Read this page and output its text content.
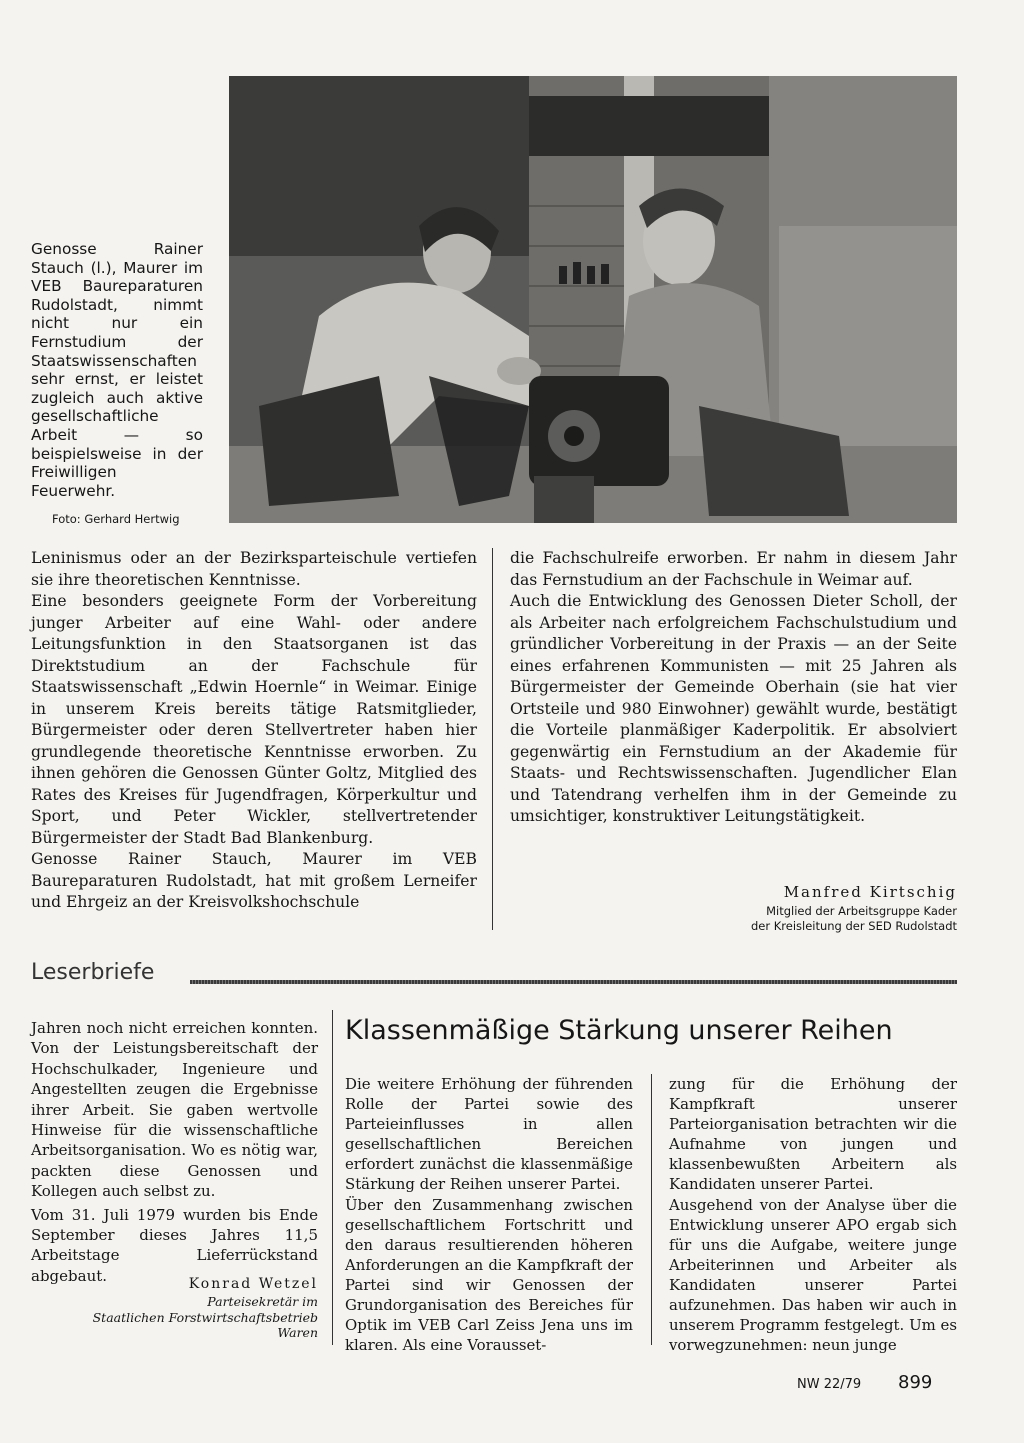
Genosse Rainer Stauch (l.), Maurer im VEB Baureparaturen Rudolstadt, nimmt nicht nur ein Fernstudium der Staatswissenschaften sehr ernst, er leistet zugleich auch aktive gesellschaftliche Arbeit — so beispielsweise in der Freiwilligen Feuerwehr.
Foto: Gerhard Hertwig

Leninismus oder an der Bezirksparteischule vertiefen sie ihre theoretischen Kenntnisse.

Eine besonders geeignete Form der Vorbereitung junger Arbeiter auf eine Wahl- oder andere Leitungsfunktion in den Staatsorganen ist das Direktstudium an der Fachschule für Staatswissenschaft „Edwin Hoernle“ in Weimar. Einige in unserem Kreis bereits tätige Ratsmitglieder, Bürgermeister oder deren Stellvertreter haben hier grundlegende theoretische Kenntnisse erworben. Zu ihnen gehören die Genossen Günter Goltz, Mitglied des Rates des Kreises für Jugendfragen, Körperkultur und Sport, und Peter Wickler, stellvertretender Bürgermeister der Stadt Bad Blankenburg.

Genosse Rainer Stauch, Maurer im VEB Baureparaturen Rudolstadt, hat mit großem Lerneifer und Ehrgeiz an der Kreisvolkshochschule

die Fachschulreife erworben. Er nahm in diesem Jahr das Fernstudium an der Fachschule in Weimar auf.

Auch die Entwicklung des Genossen Dieter Scholl, der als Arbeiter nach erfolgreichem Fachschulstudium und gründlicher Vorbereitung in der Praxis — an der Seite eines erfahrenen Kommunisten — mit 25 Jahren als Bürgermeister der Gemeinde Oberhain (sie hat vier Ortsteile und 980 Einwohner) gewählt wurde, bestätigt die Vorteile planmäßiger Kaderpolitik. Er absolviert gegenwärtig ein Fernstudium an der Akademie für Staats- und Rechtswissenschaften. Jugendlicher Elan und Tatendrang verhelfen ihm in der Gemeinde zu umsichtiger, konstruktiver Leitungstätigkeit.

Manfred Kirtschig
Mitglied der Arbeitsgruppe Kader
der Kreisleitung der SED Rudolstadt
Leserbriefe

Jahren noch nicht erreichen konnten. Von der Leistungsbereitschaft der Hochschulkader, Ingenieure und Angestellten zeugen die Ergebnisse ihrer Arbeit. Sie gaben wertvolle Hinweise für die wissenschaftliche Arbeitsorganisation. Wo es nötig war, packten diese Genossen und Kollegen auch selbst zu.

Vom 31. Juli 1979 wurden bis Ende September dieses Jahres 11,5 Arbeitstage Lieferrückstand abgebaut.	Konrad Wetzel
Parteisekretär im
Staatlichen Forstwirtschaftsbetrieb
Waren
Klassenmäßige Stärkung unserer Reihen

Die weitere Erhöhung der führenden Rolle der Partei sowie des Parteieinflusses in allen gesellschaftlichen Bereichen erfordert zunächst die klassenmäßige Stärkung der Reihen unserer Partei.

Über den Zusammenhang zwischen gesellschaftlichem Fortschritt und den daraus resultierenden höheren Anforderungen an die Kampfkraft der Partei sind wir Genossen der Grundorganisation des Bereiches für Optik im VEB Carl Zeiss Jena uns im klaren. Als eine Vorausset-

zung für die Erhöhung der Kampfkraft unserer Parteiorganisation betrachten wir die Aufnahme von jungen und klassenbewußten Arbeitern als Kandidaten unserer Partei.

Ausgehend von der Analyse über die Entwicklung unserer APO ergab sich für uns die Aufgabe, weitere junge Arbeiterinnen und Arbeiter als Kandidaten unserer Partei aufzunehmen. Das haben wir auch in unserem Programm festgelegt. Um es vorwegzunehmen: neun junge

NW 22/79 899
